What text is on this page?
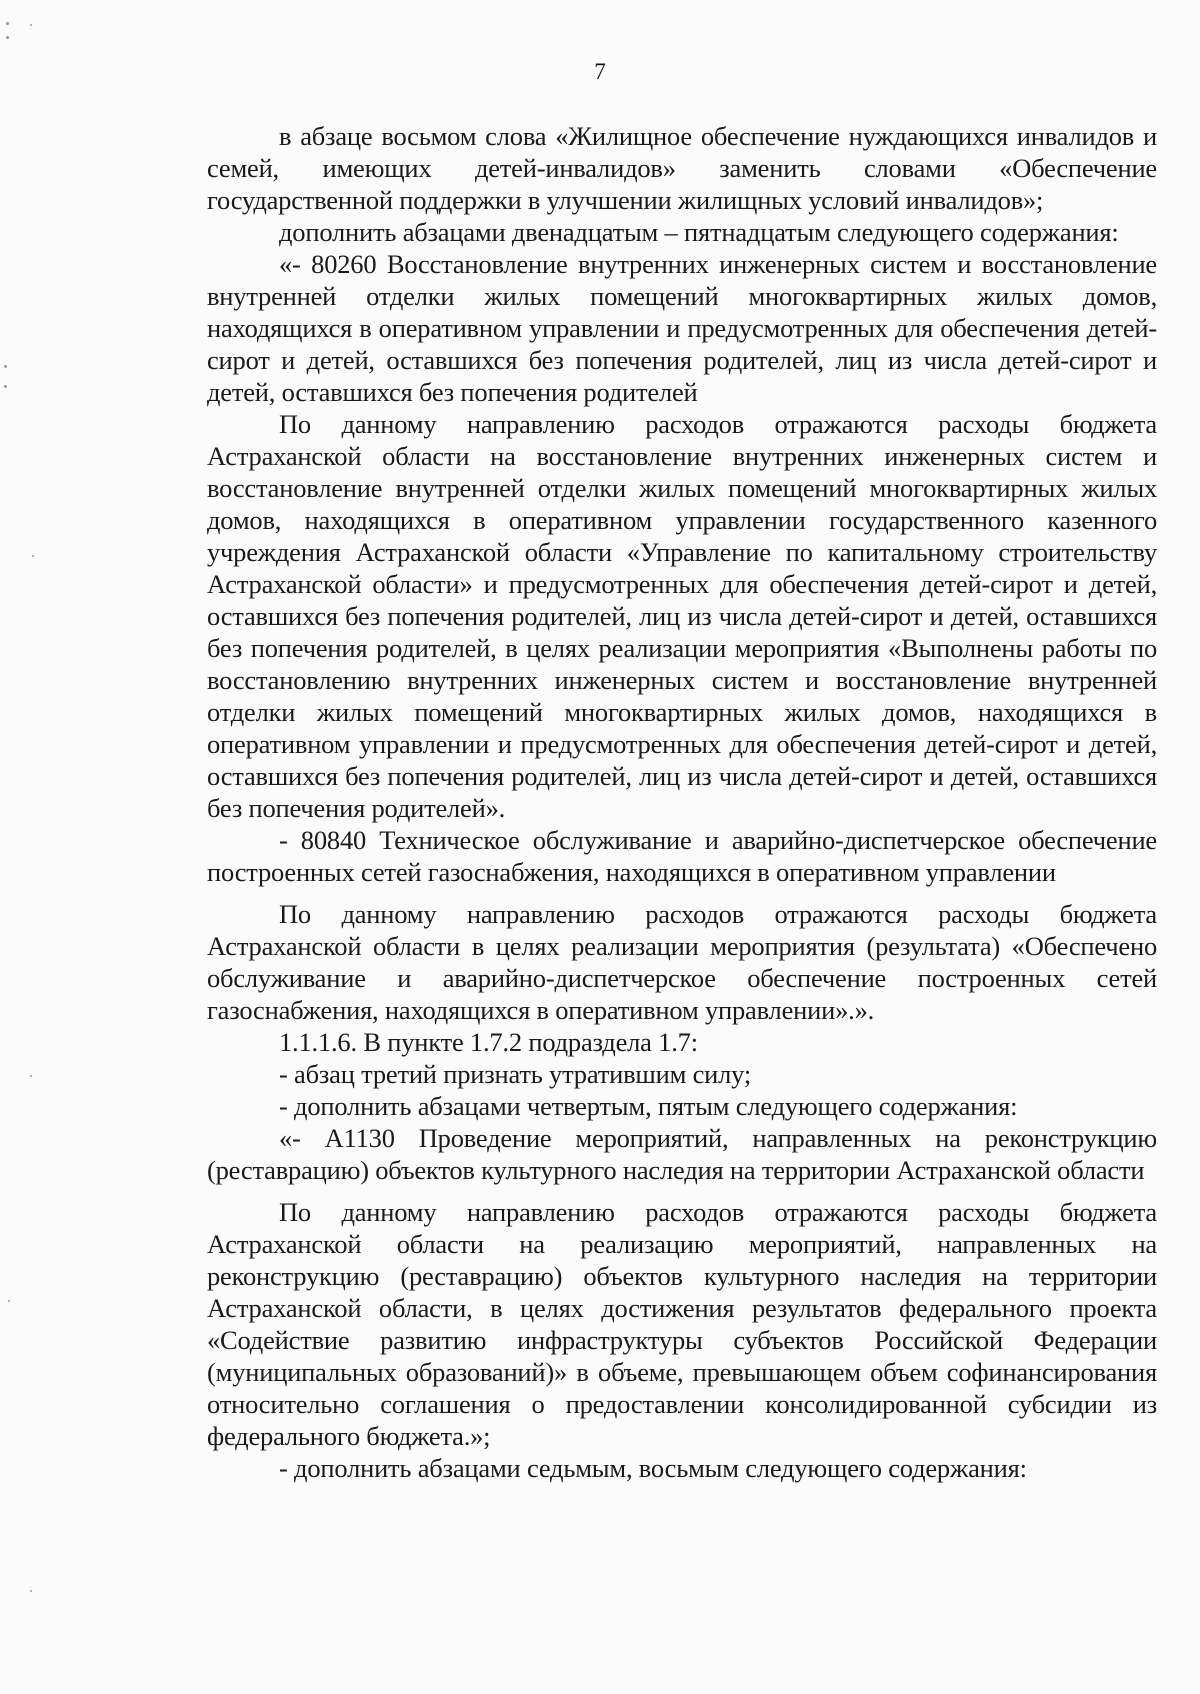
7

в абзаце восьмом слова «Жилищное обеспечение нуждающихся инвалидов и семей, имеющих детей-инвалидов» заменить словами «Обеспечение государственной поддержки в улучшении жилищных условий инвалидов»;

дополнить абзацами двенадцатым – пятнадцатым следующего содержания:

«- 80260 Восстановление внутренних инженерных систем и восстановление внутренней отделки жилых помещений многоквартирных жилых домов, находящихся в оперативном управлении и предусмотренных для обеспечения детей-сирот и детей, оставшихся без попечения родителей, лиц из числа детей-сирот и детей, оставшихся без попечения родителей

По данному направлению расходов отражаются расходы бюджета Астраханской области на восстановление внутренних инженерных систем и восстановление внутренней отделки жилых помещений многоквартирных жилых домов, находящихся в оперативном управлении государственного казенного учреждения Астраханской области «Управление по капитальному строительству Астраханской области» и предусмотренных для обеспечения детей-сирот и детей, оставшихся без попечения родителей, лиц из числа детей-сирот и детей, оставшихся без попечения родителей, в целях реализации мероприятия «Выполнены работы по восстановлению внутренних инженерных систем и восстановление внутренней отделки жилых помещений многоквартирных жилых домов, находящихся в оперативном управлении и предусмотренных для обеспечения детей-сирот и детей, оставшихся без попечения родителей, лиц из числа детей-сирот и детей, оставшихся без попечения родителей».

- 80840 Техническое обслуживание и аварийно-диспетчерское обеспечение построенных сетей газоснабжения, находящихся в оперативном управлении

По данному направлению расходов отражаются расходы бюджета Астраханской области в целях реализации мероприятия (результата) «Обеспечено обслуживание и аварийно-диспетчерское обеспечение построенных сетей газоснабжения, находящихся в оперативном управлении».».

1.1.1.6. В пункте 1.7.2 подраздела 1.7:

- абзац третий признать утратившим силу;

- дополнить абзацами четвертым, пятым следующего содержания:

«- А1130 Проведение мероприятий, направленных на реконструкцию (реставрацию) объектов культурного наследия на территории Астраханской области

По данному направлению расходов отражаются расходы бюджета Астраханской области на реализацию мероприятий, направленных на реконструкцию (реставрацию) объектов культурного наследия на территории Астраханской области, в целях достижения результатов федерального проекта «Содействие развитию инфраструктуры субъектов Российской Федерации (муниципальных образований)» в объеме, превышающем объем софинансирования относительно соглашения о предоставлении консолидированной субсидии из федерального бюджета.»;

- дополнить абзацами седьмым, восьмым следующего содержания:
